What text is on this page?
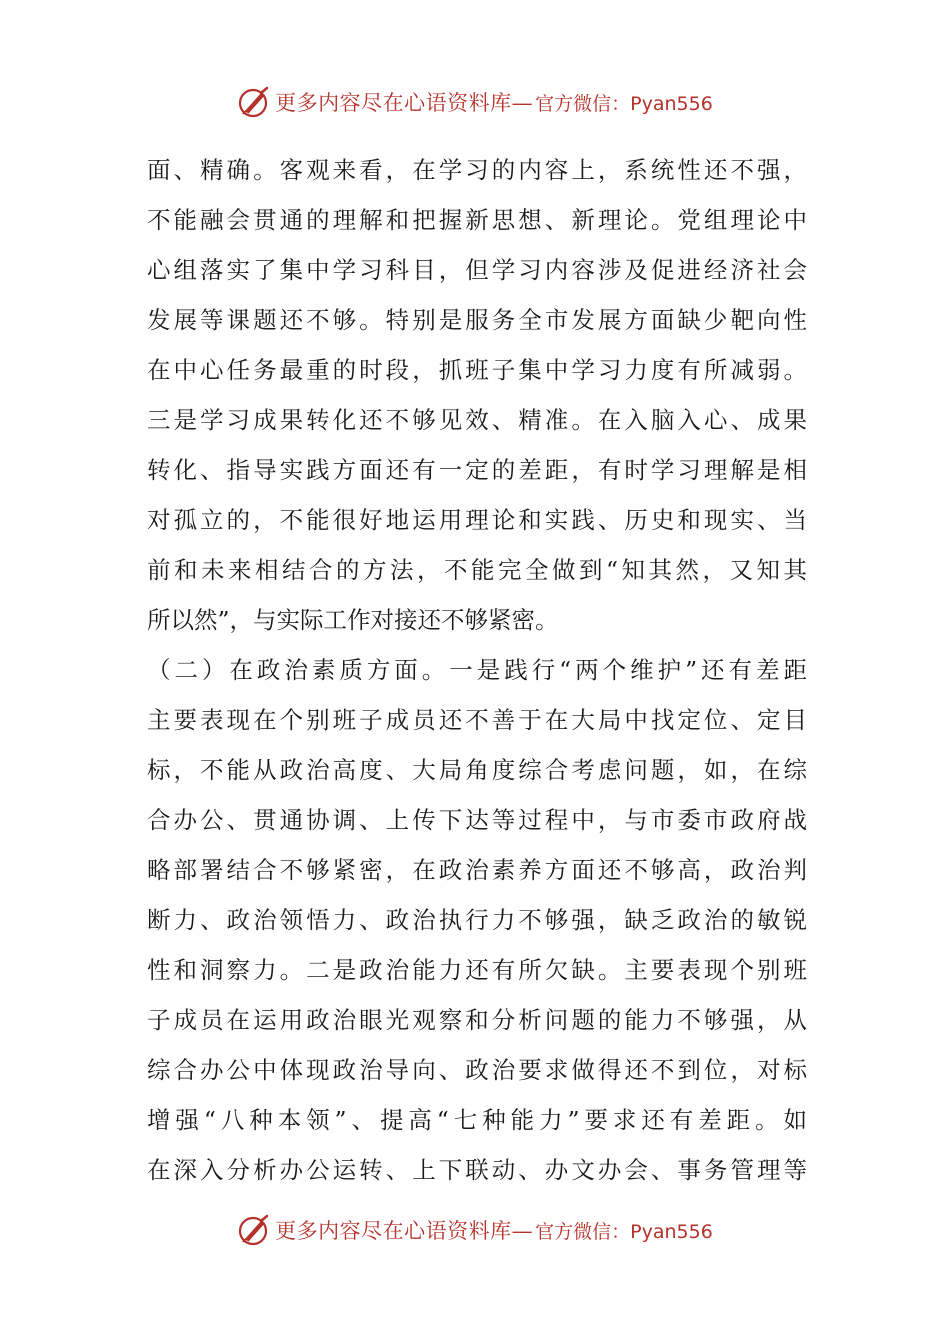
更多内容尽在心语资料库— 官方微信：Pyan556
面、精确。客观来看，在学习的内容上，系统性还不强，
不能融会贯通的理解和把握新思想、新理论。党组理论中
心组落实了集中学习科目，但学习内容涉及促进经济社会
发展等课题还不够。特别是服务全市发展方面缺少靶向性
在中心任务最重的时段，抓班子集中学习力度有所减弱。
三是学习成果转化还不够见效、精准。在入脑入心、成果
转化、指导实践方面还有一定的差距，有时学习理解是相
对孤立的，不能很好地运用理论和实践、历史和现实、当
前和未来相结合的方法，不能完全做到“知其然，又知其
所以然”，与实际工作对接还不够紧密。
（二）在政治素质方面。一是践行“两个维护”还有差距
主要表现在个别班子成员还不善于在大局中找定位、定目
标，不能从政治高度、大局角度综合考虑问题，如，在综
合办公、贯通协调、上传下达等过程中，与市委市政府战
略部署结合不够紧密，在政治素养方面还不够高，政治判
断力、政治领悟力、政治执行力不够强，缺乏政治的敏锐
性和洞察力。二是政治能力还有所欠缺。主要表现个别班
子成员在运用政治眼光观察和分析问题的能力不够强，从
综合办公中体现政治导向、政治要求做得还不到位，对标
增强“八种本领”、提高“七种能力”要求还有差距。如
在深入分析办公运转、上下联动、办文办会、事务管理等
更多内容尽在心语资料库— 官方微信：Pyan556
